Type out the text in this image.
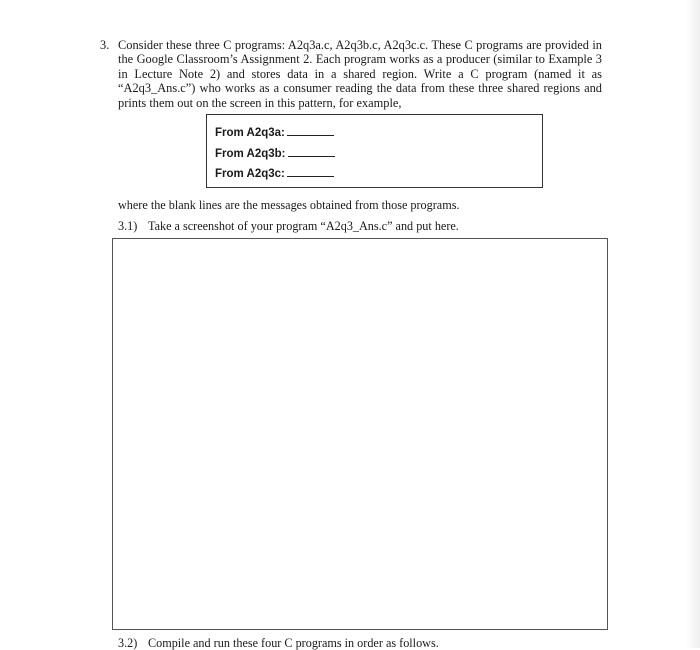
3. Consider these three C programs: A2q3a.c, A2q3b.c, A2q3c.c. These C programs are provided in the Google Classroom’s Assignment 2. Each program works as a producer (similar to Example 3 in Lecture Note 2) and stores data in a shared region. Write a C program (named it as “A2q3_Ans.c”) who works as a consumer reading the data from these three shared regions and prints them out on the screen in this pattern, for example,

From A2q3a:
From A2q3b:
From A2q3c:
where the blank lines are the messages obtained from those programs.
3.1) Take a screenshot of your program “A2q3_Ans.c” and put here.
3.2) Compile and run these four C programs in order as follows.
